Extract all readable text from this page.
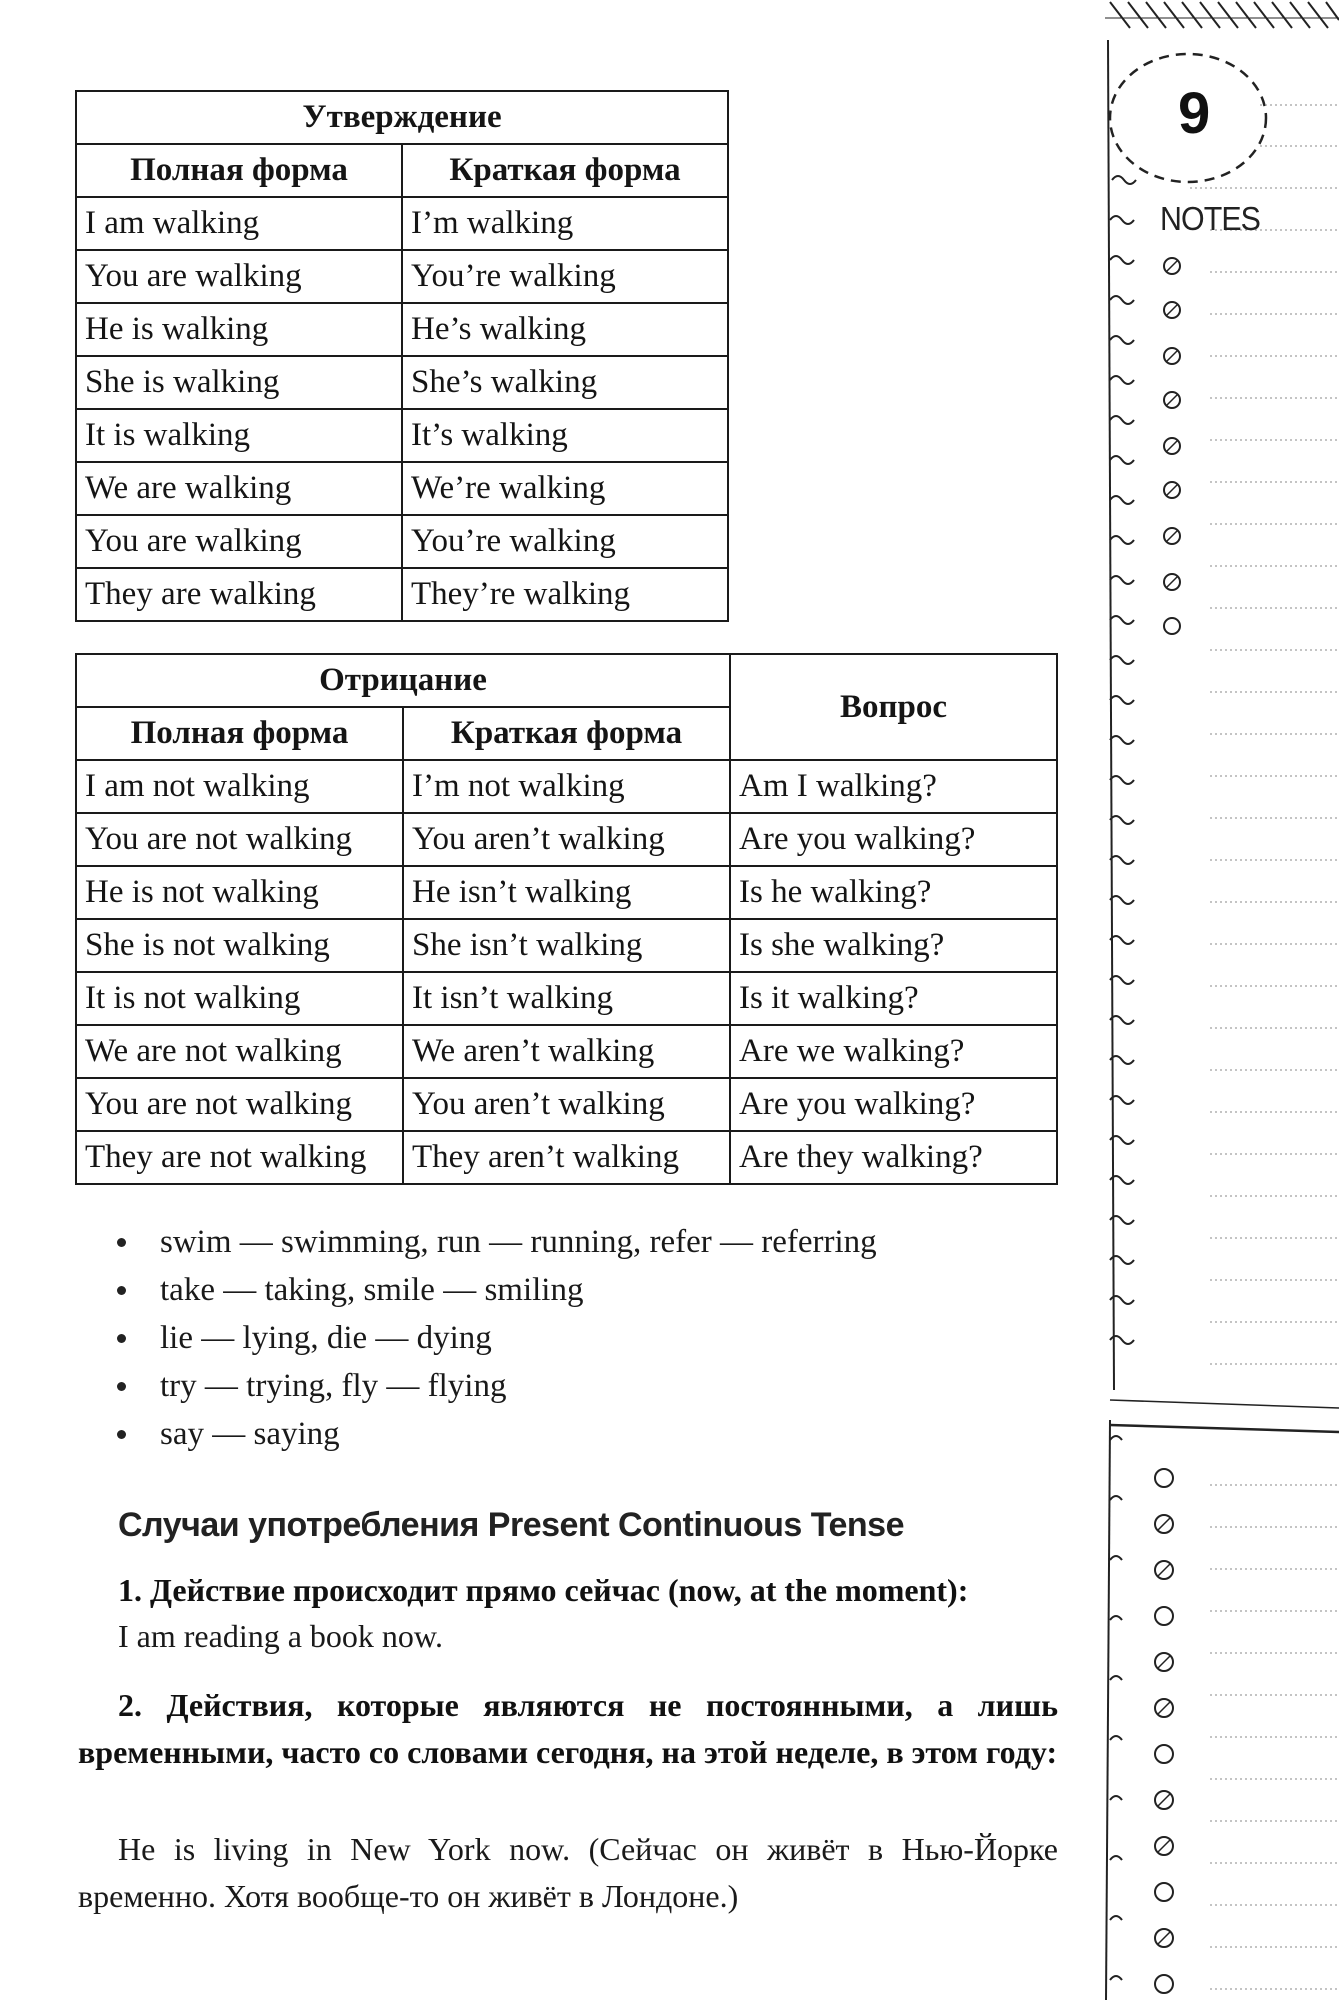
Утверждение	
Полная форма	Краткая форма
I am walking	I’m walking
You are walking	You’re walking
He is walking	He’s walking
She is walking	She’s walking
It is walking	It’s walking
We are walking	We’re walking
You are walking	You’re walking
They are walking	They’re walking
Отрицание		Вопрос
Полная форма	Краткая форма	
I am not walking	I’m not walking	Am I walking?
You are not walking	You aren’t walking	Are you walking?
He is not walking	He isn’t walking	Is he walking?
She is not walking	She isn’t walking	Is she walking?
It is not walking	It isn’t walking	Is it walking?
We are not walking	We aren’t walking	Are we walking?
You are not walking	You aren’t walking	Are you walking?
They are not walking	They aren’t walking	Are they walking?
swim — swimming, run — running, refer — referring
take — taking, smile — smiling
lie — lying, die — dying
try — trying, fly — flying
say — saying
Случаи употребления Present Continuous Tense
1. Действие происходит прямо сейчас (now, at the moment):
I am reading a book now.

2. Действия, которые являются не постоянными, а лишь временными, часто со словами сегодня, на этой неделе, в этом году:

He is living in New York now. (Сейчас он живёт в Нью-Йорке временно. Хотя вообще-то он живёт в Лондоне.)

9
NOTES
